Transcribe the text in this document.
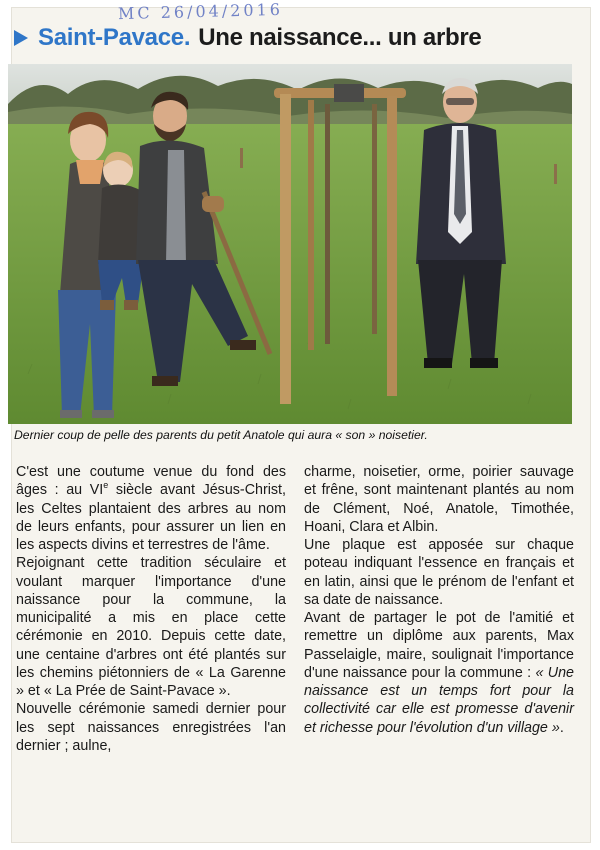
MC 26/04/2016
Saint-Pavace. Une naissance... un arbre
Dernier coup de pelle des parents du petit Anatole qui aura « son » noisetier.

C'est une coutume venue du fond des âges : au VIe siècle avant Jésus-Christ, les Celtes plantaient des arbres au nom de leurs enfants, pour assurer un lien en les aspects divins et terrestres de l'âme.

Rejoignant cette tradition séculaire et voulant marquer l'importance d'une naissance pour la commune, la municipalité a mis en place cette cérémonie en 2010. Depuis cette date, une centaine d'arbres ont été plantés sur les chemins piétonniers de « La Garenne » et « La Prée de Saint-Pavace ».

Nouvelle cérémonie samedi dernier pour les sept naissances enregistrées l'an dernier ; aulne,

charme, noisetier, orme, poirier sauvage et frêne, sont maintenant plantés au nom de Clément, Noé, Anatole, Timothée, Hoani, Clara et Albin.

Une plaque est apposée sur chaque poteau indiquant l'essence en français et en latin, ainsi que le prénom de l'enfant et sa date de naissance.

Avant de partager le pot de l'amitié et remettre un diplôme aux parents, Max Passelaigle, maire, soulignait l'importance d'une naissance pour la commune : « Une naissance est un temps fort pour la collectivité car elle est promesse d'avenir et richesse pour l'évolution d'un village ».
